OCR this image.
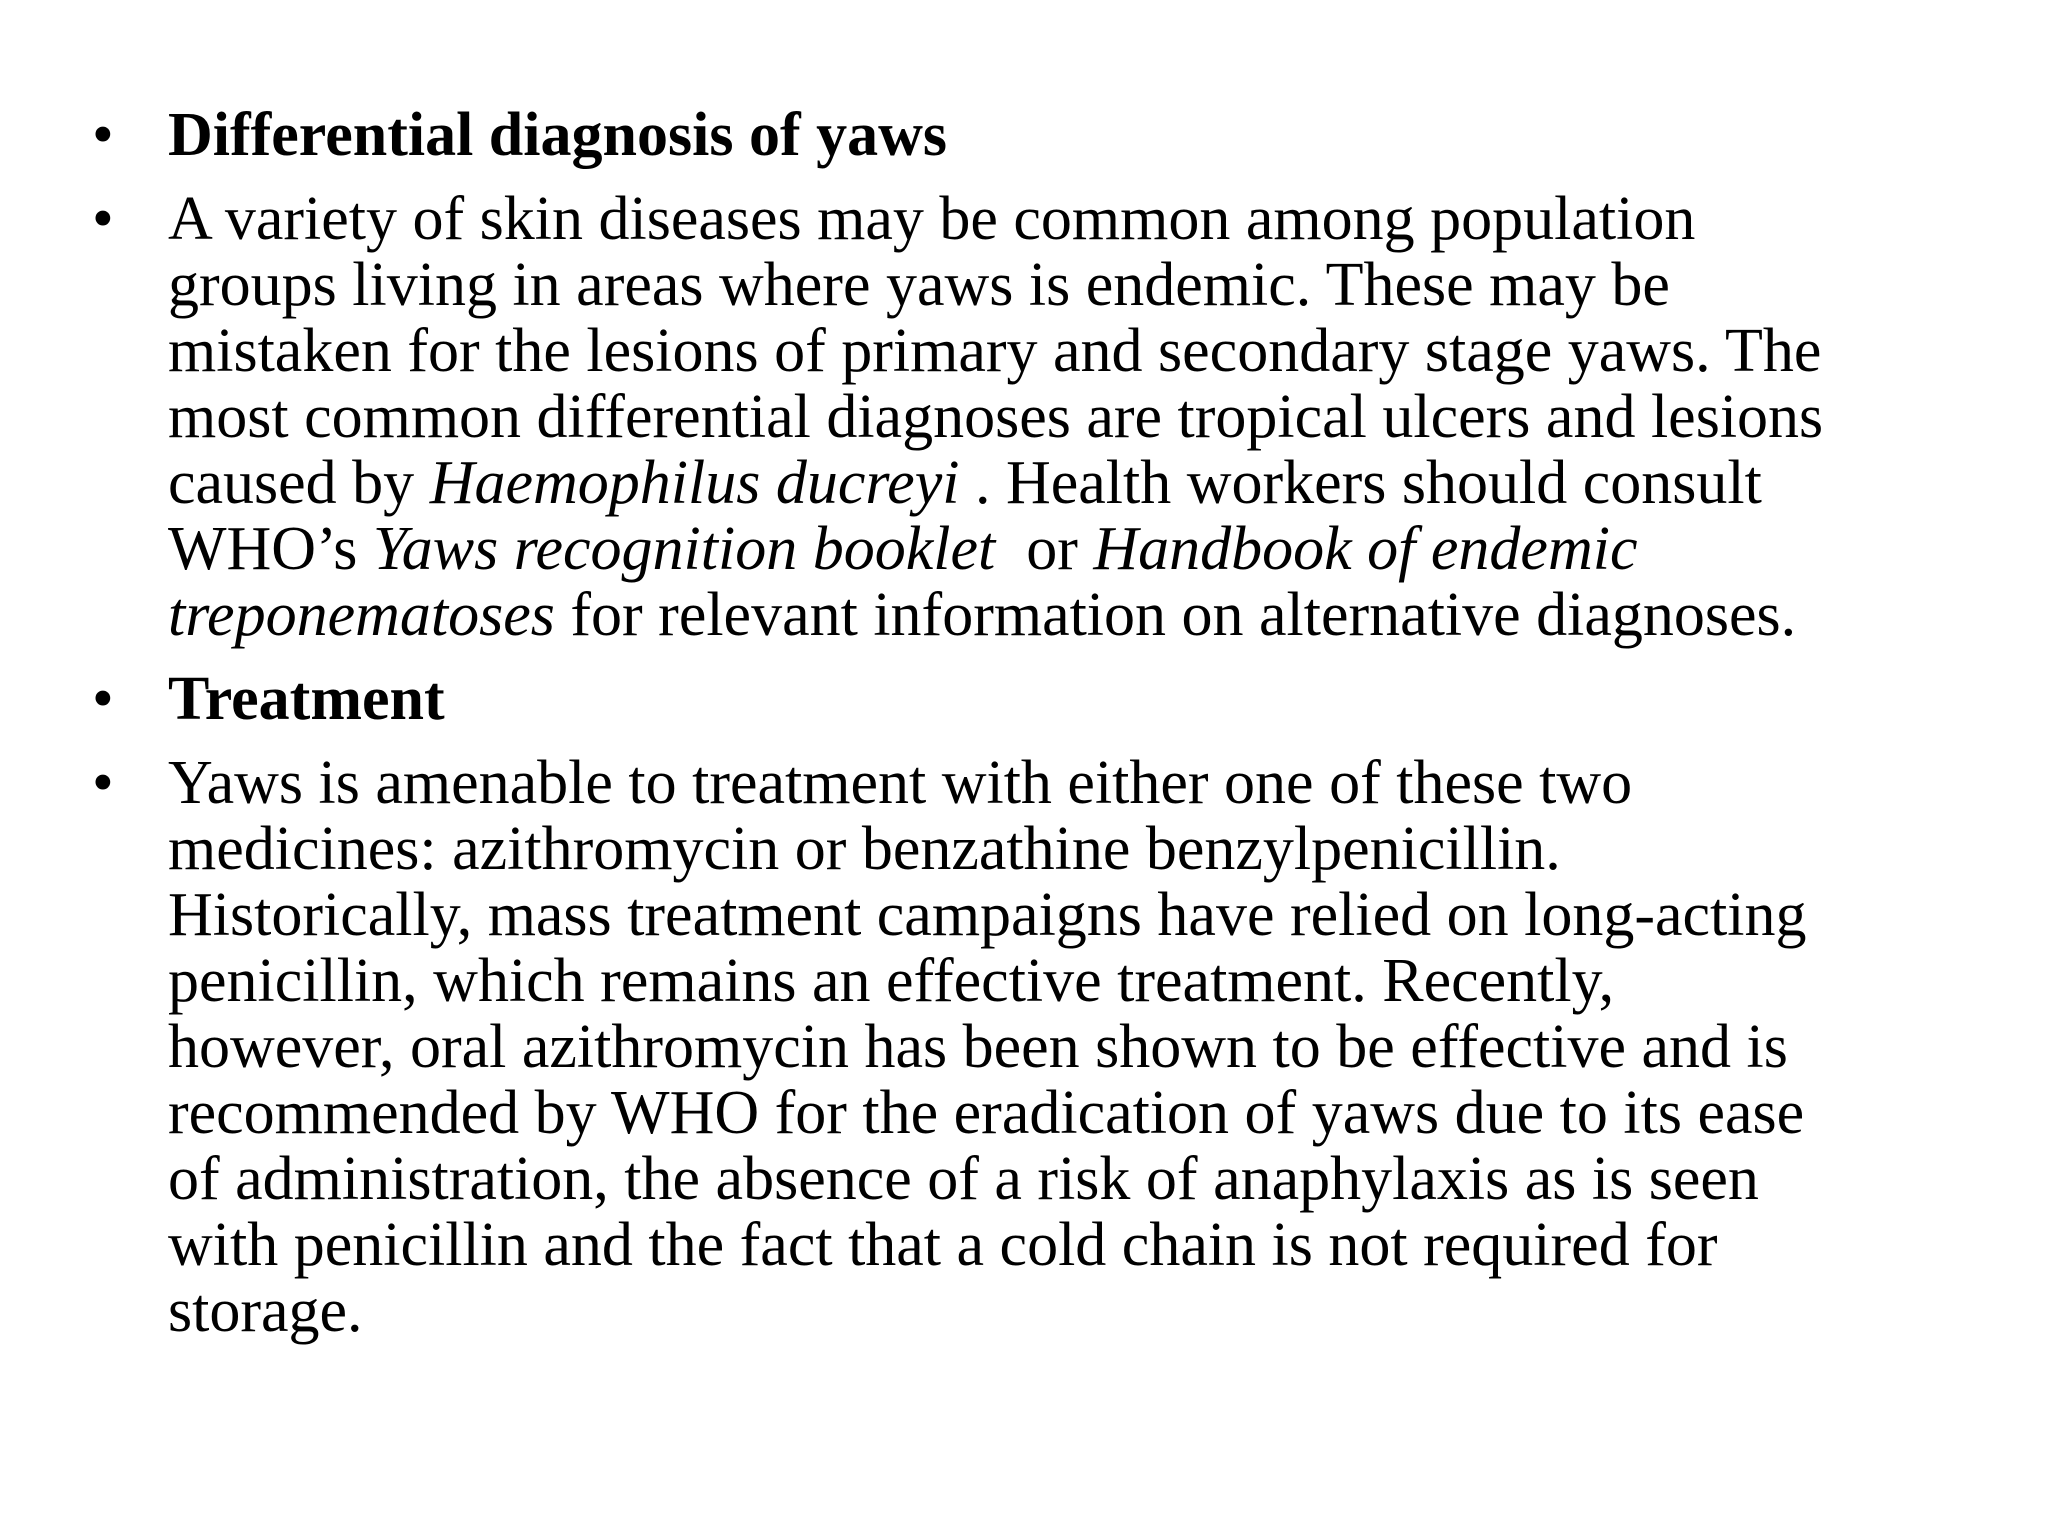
• Differential diagnosis of yaws
• A variety of skin diseases may be common among population
groups living in areas where yaws is endemic. These may be
mistaken for the lesions of primary and secondary stage yaws. The
most common differential diagnoses are tropical ulcers and lesions
caused by Haemophilus ducreyi . Health workers should consult
WHO’s Yaws recognition booklet  or Handbook of endemic
treponematoses for relevant information on alternative diagnoses.
• Treatment
• Yaws is amenable to treatment with either one of these two
medicines: azithromycin or benzathine benzylpenicillin.
Historically, mass treatment campaigns have relied on long-acting
penicillin, which remains an effective treatment. Recently,
however, oral azithromycin has been shown to be effective and is
recommended by WHO for the eradication of yaws due to its ease
of administration, the absence of a risk of anaphylaxis as is seen
with penicillin and the fact that a cold chain is not required for
storage.
